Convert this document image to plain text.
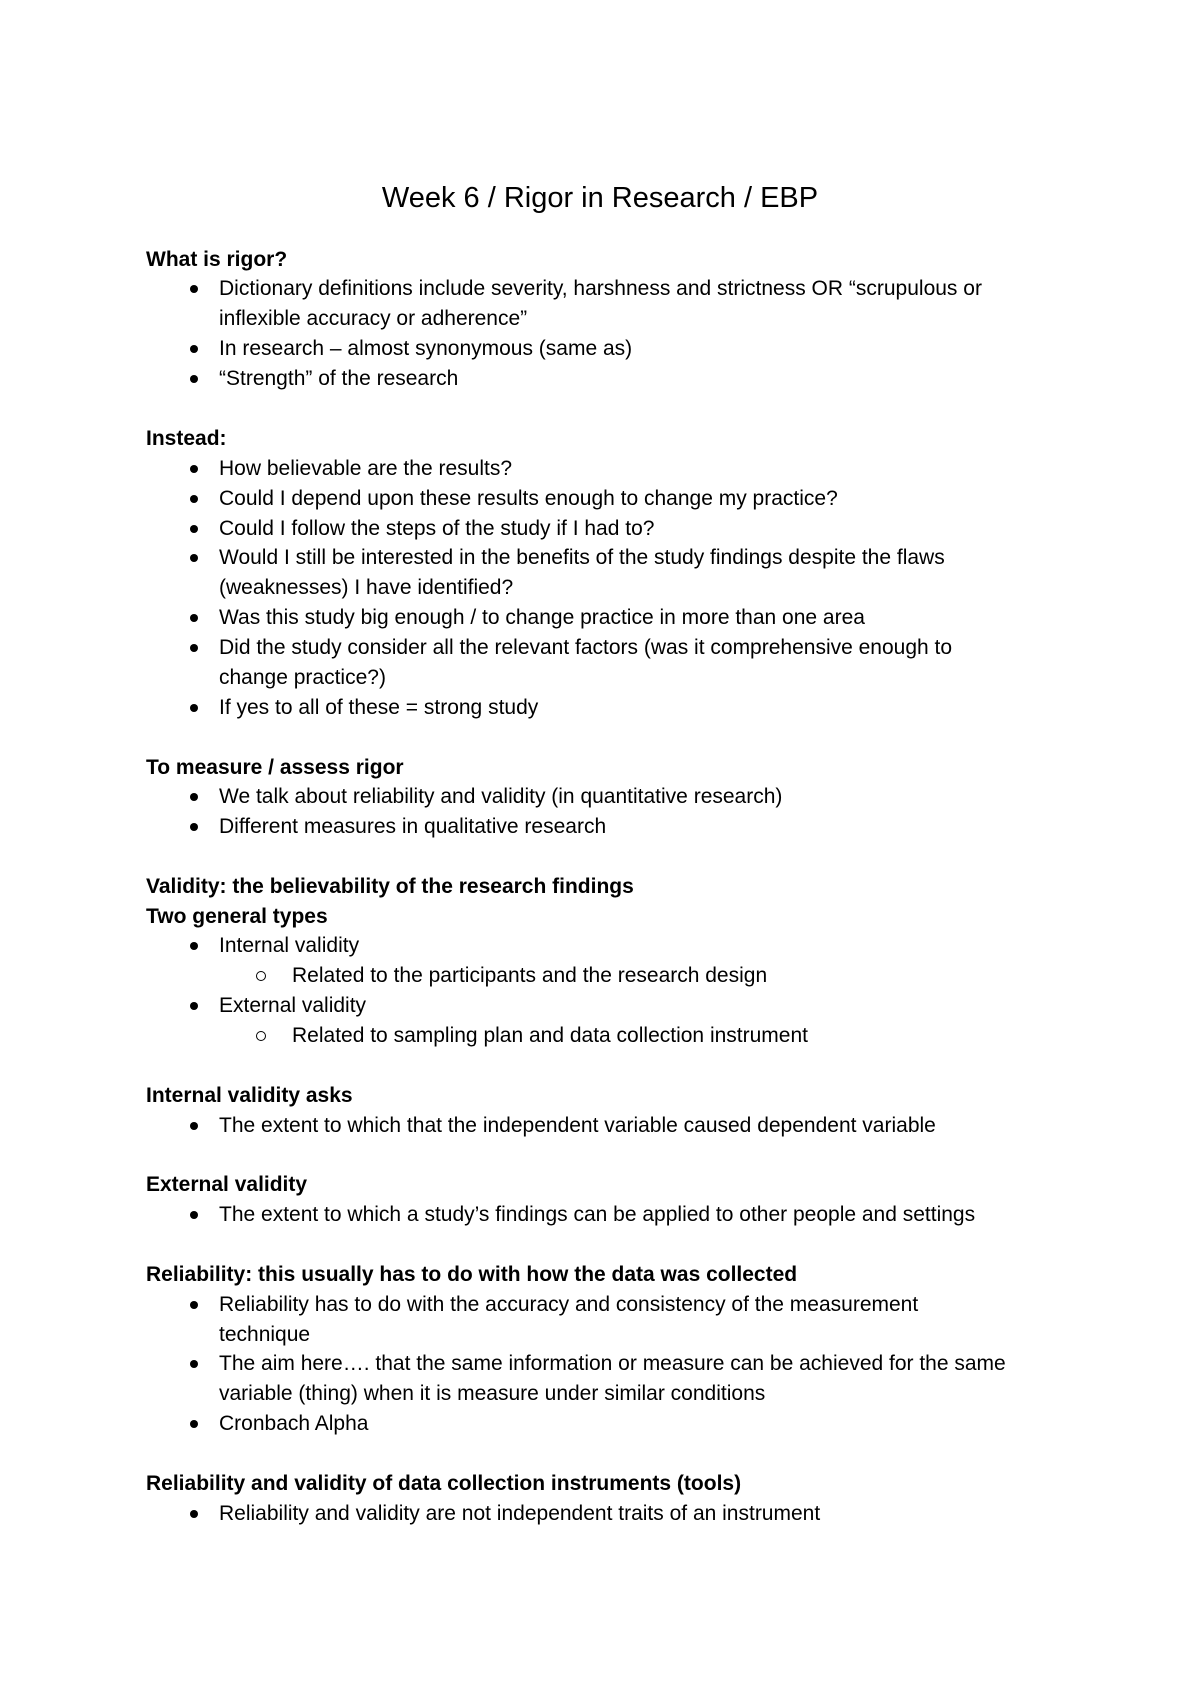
Week 6 / Rigor in Research / EBP
What is rigor?
Dictionary definitions include severity, harshness and strictness OR “scrupulous or
inflexible accuracy or adherence”
In research – almost synonymous (same as)
“Strength” of the research
Instead:
How believable are the results?
Could I depend upon these results enough to change my practice?
Could I follow the steps of the study if I had to?
Would I still be interested in the benefits of the study findings despite the flaws
(weaknesses) I have identified?
Was this study big enough / to change practice in more than one area
Did the study consider all the relevant factors (was it comprehensive enough to
change practice?)
If yes to all of these = strong study
To measure / assess rigor
We talk about reliability and validity (in quantitative research)
Different measures in qualitative research
Validity: the believability of the research findings
Two general types
Internal validity
Related to the participants and the research design
External validity
Related to sampling plan and data collection instrument
Internal validity asks
The extent to which that the independent variable caused dependent variable
External validity
The extent to which a study’s findings can be applied to other people and settings
Reliability: this usually has to do with how the data was collected
Reliability has to do with the accuracy and consistency of the measurement
technique
The aim here…. that the same information or measure can be achieved for the same
variable (thing) when it is measure under similar conditions
Cronbach Alpha
Reliability and validity of data collection instruments (tools)
Reliability and validity are not independent traits of an instrument
